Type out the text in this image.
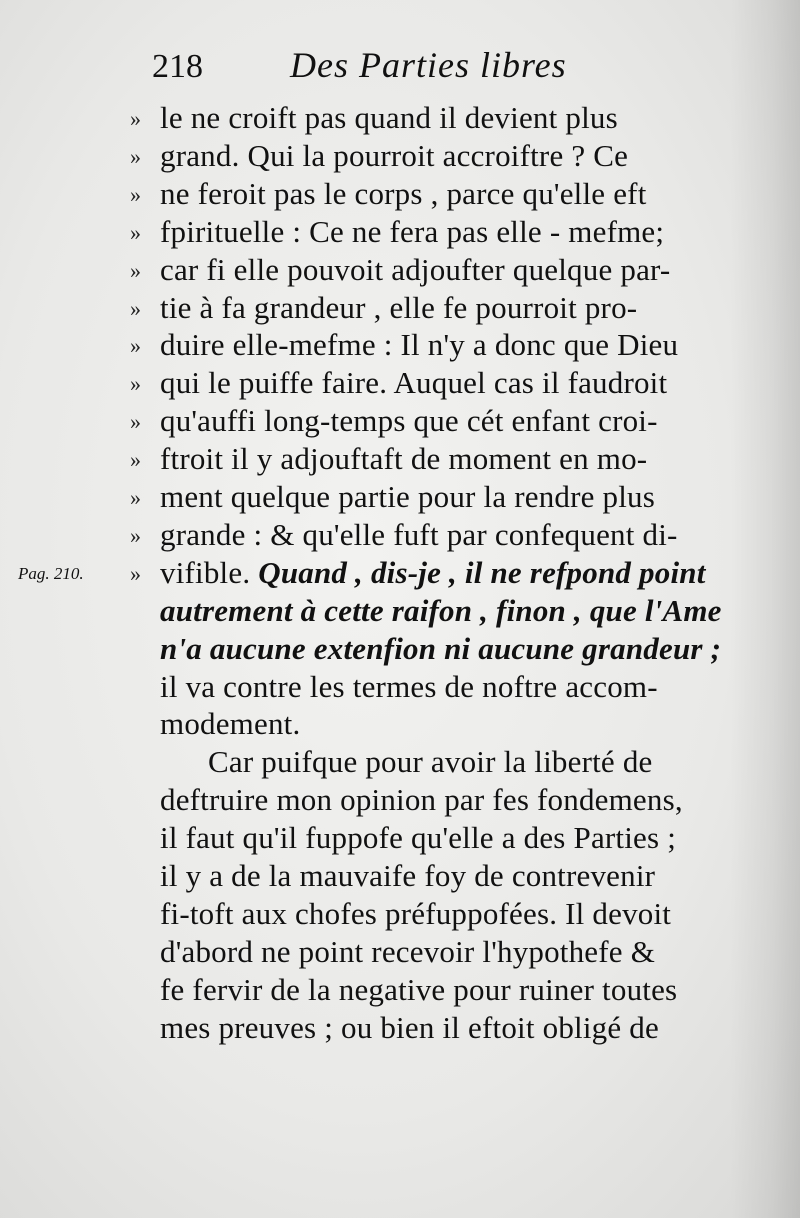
218 Des Parties libres
Pag. 210.
» le ne croift pas quand il devient plus
» grand. Qui la pourroit accroiftre ? Ce
» ne feroit pas le corps , parce qu'elle eft
» fpirituelle : Ce ne fera pas elle - mefme;
» car fi elle pouvoit adjoufter quelque par-
» tie à fa grandeur , elle fe pourroit pro-
» duire elle-mefme : Il n'y a donc que Dieu
» qui le puiffe faire. Auquel cas il faudroit
» qu'auffi long-temps que cét enfant croi-
» ftroit il y adjouftaft de moment en mo-
» ment quelque partie pour la rendre plus
» grande : & qu'elle fuft par confequent di-
» vifible. Quand , dis-je , il ne refpond point
autrement à cette raifon , finon , que l'Ame
n'a aucune extenfion ni aucune grandeur ;
il va contre les termes de noftre accom-
modement.
Car puifque pour avoir la liberté de
deftruire mon opinion par fes fondemens,
il faut qu'il fuppofe qu'elle a des Parties ;
il y a de la mauvaife foy de contrevenir
fi-toft aux chofes préfuppofées. Il devoit
d'abord ne point recevoir l'hypothefe &
fe fervir de la negative pour ruiner toutes
mes preuves ; ou bien il eftoit obligé de
